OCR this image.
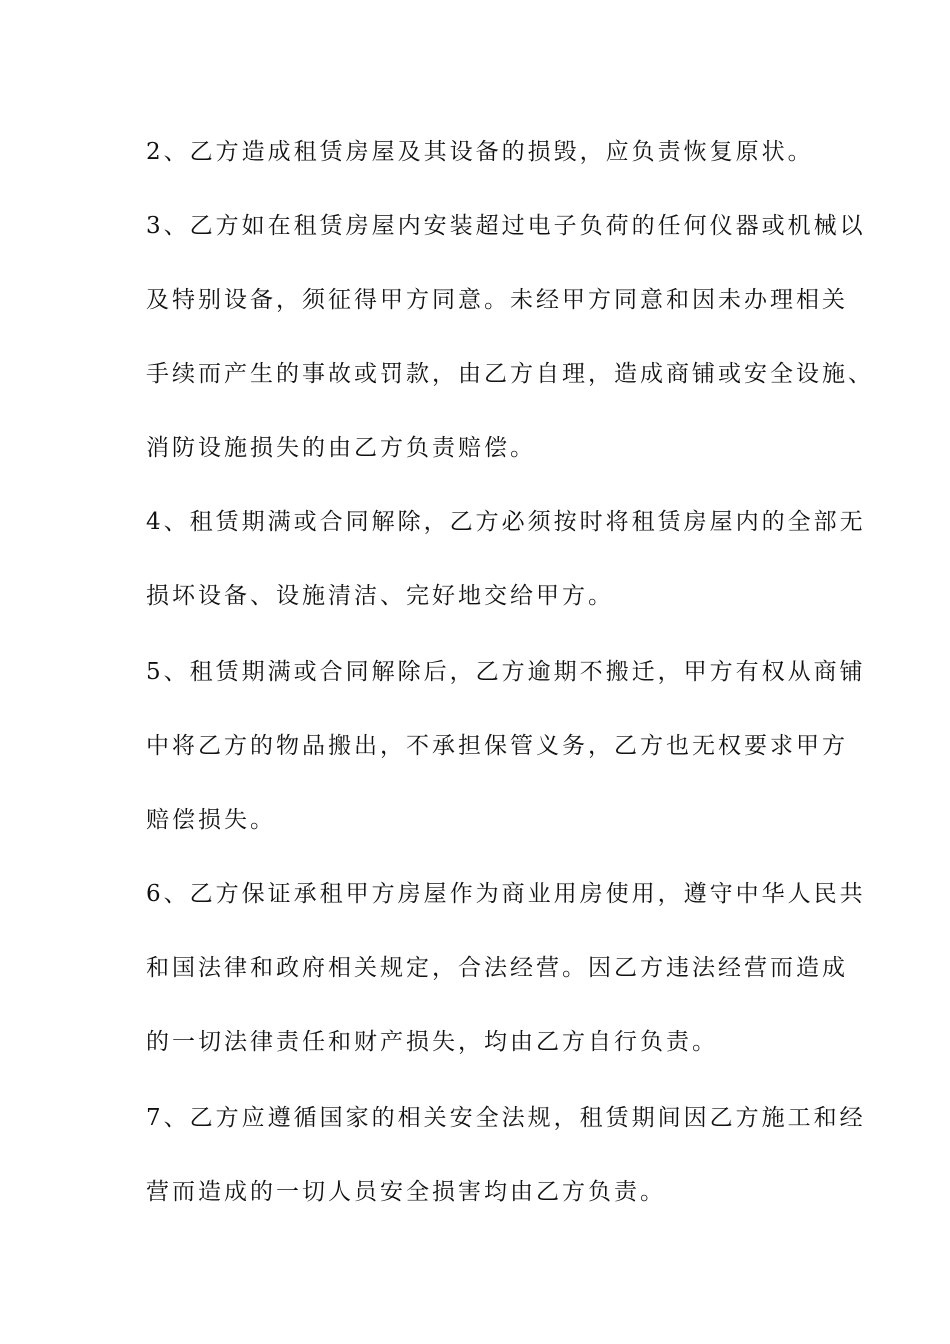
2、乙方造成租赁房屋及其设备的损毁，应负责恢复原状。
3、乙方如在租赁房屋内安装超过电子负荷的任何仪器或机械以
及特别设备，须征得甲方同意。未经甲方同意和因未办理相关
手续而产生的事故或罚款，由乙方自理，造成商铺或安全设施、
消防设施损失的由乙方负责赔偿。
4、租赁期满或合同解除，乙方必须按时将租赁房屋内的全部无
损坏设备、设施清洁、完好地交给甲方。
5、租赁期满或合同解除后，乙方逾期不搬迁，甲方有权从商铺
中将乙方的物品搬出，不承担保管义务，乙方也无权要求甲方
赔偿损失。
6、乙方保证承租甲方房屋作为商业用房使用，遵守中华人民共
和国法律和政府相关规定，合法经营。因乙方违法经营而造成
的一切法律责任和财产损失，均由乙方自行负责。
7、乙方应遵循国家的相关安全法规，租赁期间因乙方施工和经
营而造成的一切人员安全损害均由乙方负责。
